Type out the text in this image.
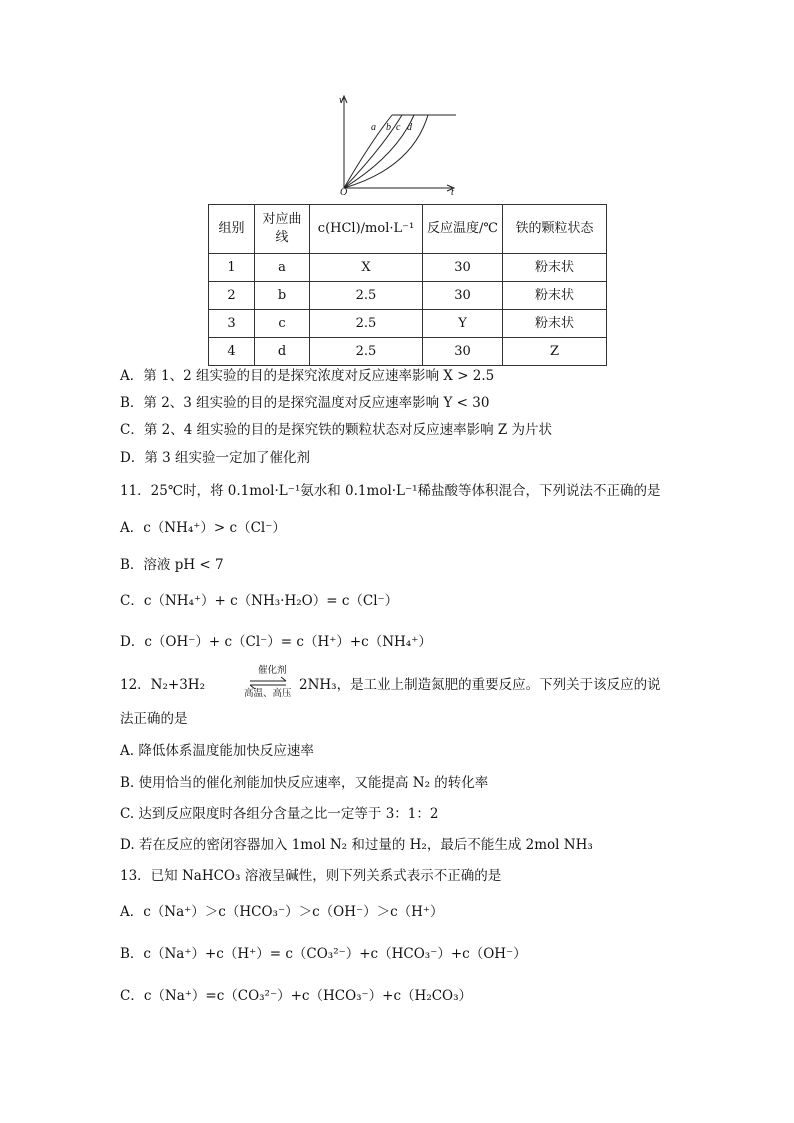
v
t
O
a b c d
组别	对应曲线	c(HCl)/mol·L⁻¹	反应温度/℃	铁的颗粒状态
1	a	X	30	粉末状
2	b	2.5	30	粉末状
3	c	2.5	Y	粉末状
4	d	2.5	30	Z
A．第 1、2 组实验的目的是探究浓度对反应速率影响 X > 2.5
B．第 2、3 组实验的目的是探究温度对反应速率影响 Y < 30
C．第 2、4 组实验的目的是探究铁的颗粒状态对反应速率影响 Z 为片状
D．第 3 组实验一定加了催化剂
11．25℃时，将 0.1mol·L⁻¹氨水和 0.1mol·L⁻¹稀盐酸等体积混合，下列说法不正确的是
A．c（NH₄⁺）> c（Cl⁻）
B．溶液 pH < 7
C．c（NH₄⁺）+ c（NH₃·H₂O）= c（Cl⁻）
D．c（OH⁻）+ c（Cl⁻）= c（H⁺）+c（NH₄⁺）
12．N₂+3H₂
催化剂
高温、高压
2NH₃，是工业上制造氮肥的重要反应。下列关于该反应的说
法正确的是
A. 降低体系温度能加快反应速率
B. 使用恰当的催化剂能加快反应速率，又能提高 N₂ 的转化率
C. 达到反应限度时各组分含量之比一定等于 3：1：2
D. 若在反应的密闭容器加入 1mol N₂ 和过量的 H₂，最后不能生成 2mol NH₃
13．已知 NaHCO₃ 溶液呈碱性，则下列关系式表示不正确的是
A．c（Na⁺）＞c（HCO₃⁻）＞c（OH⁻）＞c（H⁺）
B．c（Na⁺）+c（H⁺）= c（CO₃²⁻）+c（HCO₃⁻）+c（OH⁻）
C．c（Na⁺）=c（CO₃²⁻）+c（HCO₃⁻）+c（H₂CO₃）
